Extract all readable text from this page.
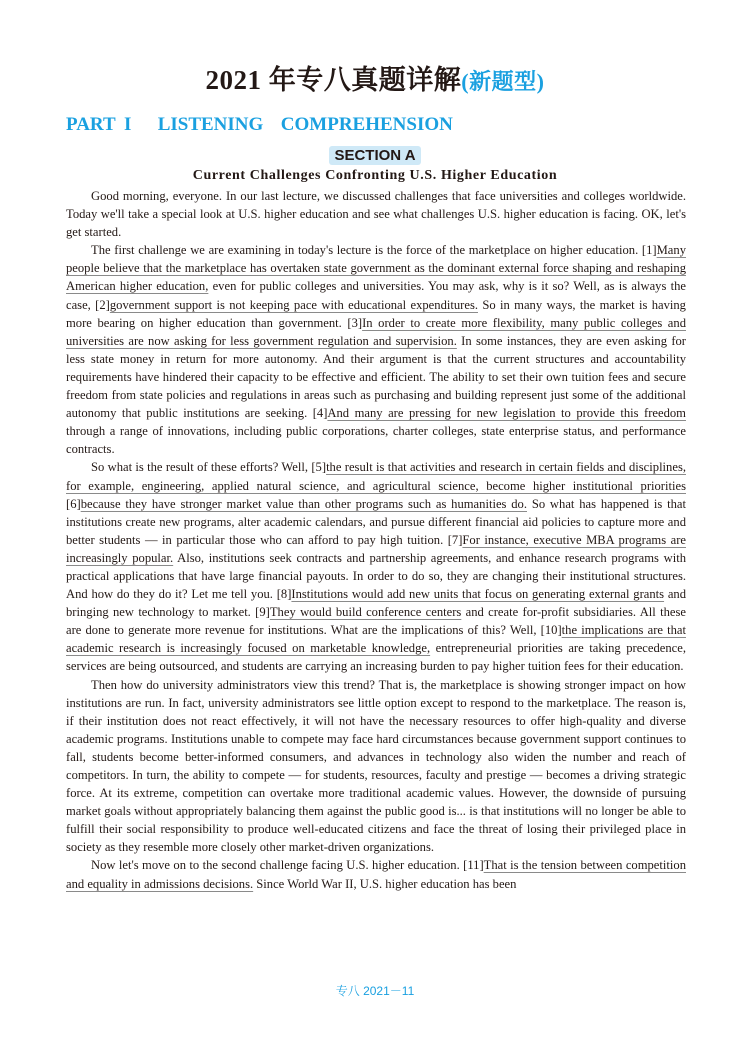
2021 年专八真题详解(新题型)
PART I   LISTENING  COMPREHENSION
SECTION A
Current Challenges Confronting U.S. Higher Education

Good morning, everyone. In our last lecture, we discussed challenges that face universities and colleges worldwide. Today we'll take a special look at U.S. higher education and see what challenges U.S. higher education is facing. OK, let's get started.

The first challenge we are examining in today's lecture is the force of the marketplace on higher education. [1]Many people believe that the marketplace has overtaken state government as the dominant external force shaping and reshaping American higher education, even for public colleges and universities. You may ask, why is it so? Well, as is always the case, [2]government support is not keeping pace with educational expenditures. So in many ways, the market is having more bearing on higher education than government. [3]In order to create more flexibility, many public colleges and universities are now asking for less government regulation and supervision. In some instances, they are even asking for less state money in return for more autonomy. And their argument is that the current structures and accountability requirements have hindered their capacity to be effective and efficient. The ability to set their own tuition fees and secure freedom from state policies and regulations in areas such as purchasing and building represent just some of the additional autonomy that public institutions are seeking. [4]And many are pressing for new legislation to provide this freedom through a range of innovations, including public corporations, charter colleges, state enterprise status, and performance contracts.

So what is the result of these efforts? Well, [5]the result is that activities and research in certain fields and disciplines, for example, engineering, applied natural science, and agricultural science, become higher institutional priorities [6]because they have stronger market value than other programs such as humanities do. So what has happened is that institutions create new programs, alter academic calendars, and pursue different financial aid policies to capture more and better students — in particular those who can afford to pay high tuition. [7]For instance, executive MBA programs are increasingly popular. Also, institutions seek contracts and partnership agreements, and enhance research programs with practical applications that have large financial payouts. In order to do so, they are changing their institutional structures. And how do they do it? Let me tell you. [8]Institutions would add new units that focus on generating external grants and bringing new technology to market. [9]They would build conference centers and create for-profit subsidiaries. All these are done to generate more revenue for institutions. What are the implications of this? Well, [10]the implications are that academic research is increasingly focused on marketable knowledge, entrepreneurial priorities are taking precedence, services are being outsourced, and students are carrying an increasing burden to pay higher tuition fees for their education.

Then how do university administrators view this trend? That is, the marketplace is showing stronger impact on how institutions are run. In fact, university administrators see little option except to respond to the marketplace. The reason is, if their institution does not react effectively, it will not have the necessary resources to offer high-quality and diverse academic programs. Institutions unable to compete may face hard circumstances because government support continues to fall, students become better-informed consumers, and advances in technology also widen the number and reach of competitors. In turn, the ability to compete — for students, resources, faculty and prestige — becomes a driving strategic force. At its extreme, competition can overtake more traditional academic values. However, the downside of pursuing market goals without appropriately balancing them against the public good is... is that institutions will no longer be able to fulfill their social responsibility to produce well-educated citizens and face the threat of losing their privileged place in society as they resemble more closely other market-driven organizations.

Now let's move on to the second challenge facing U.S. higher education. [11]That is the tension between competition and equality in admissions decisions. Since World War II, U.S. higher education has been

专八 2021－11
